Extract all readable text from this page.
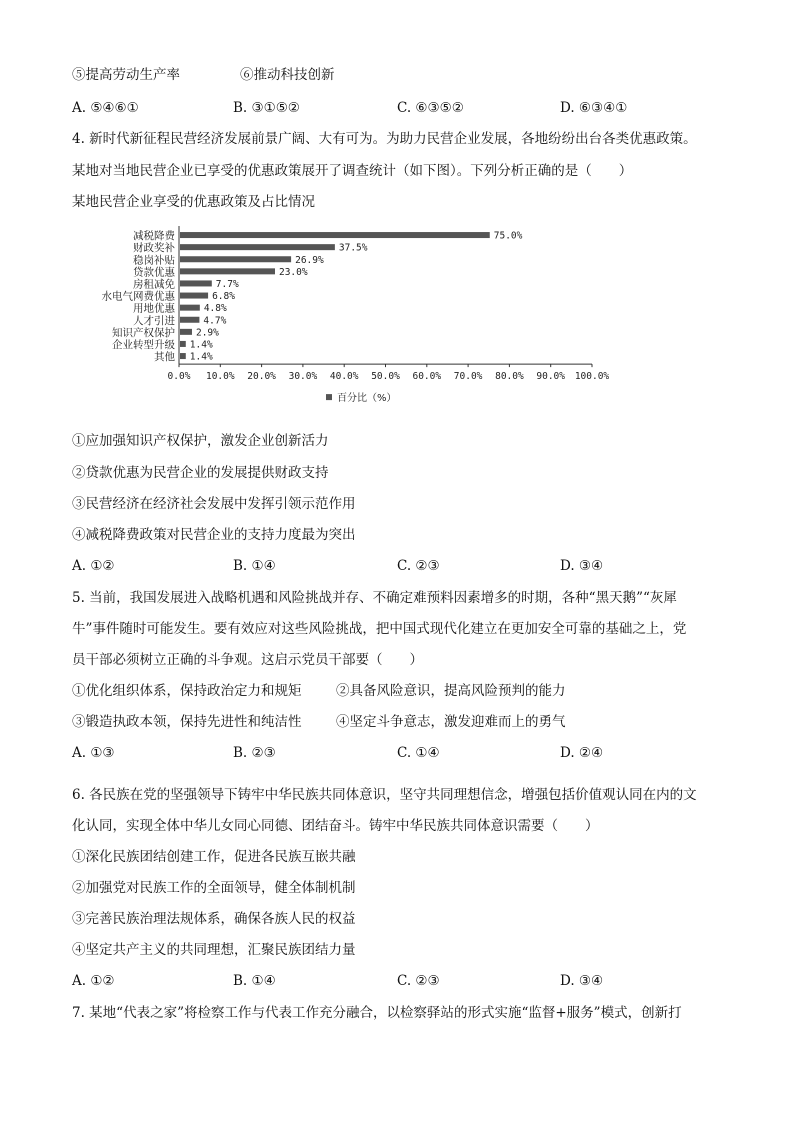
⑤提高劳动生产率	⑥推动科技创新
A. ⑤④⑥①	B. ③①⑤②	C. ⑥③⑤②	D. ⑥③④①
4. 新时代新征程民营经济发展前景广阔、大有可为。为助力民营企业发展，各地纷纷出台各类优惠政策。
某地对当地民营企业已享受的优惠政策展开了调查统计（如下图）。下列分析正确的是（　　）
某地民营企业享受的优惠政策及占比情况
减税降费	75.0%
财政奖补	37.5%
稳岗补贴	26.9%
贷款优惠	23.0%
房租减免	7.7%
水电气网费优惠	6.8%
用地优惠	4.8%
人才引进	4.7%
知识产权保护 2.9%
企业转型升级 1.4%
其他 1.4%
0.0% 10.0% 20.0% 30.0% 40.0% 50.0% 60.0% 70.0% 80.0% 90.0% 100.0%
百分比（%）
①应加强知识产权保护，激发企业创新活力
②贷款优惠为民营企业的发展提供财政支持
③民营经济在经济社会发展中发挥引领示范作用
④减税降费政策对民营企业的支持力度最为突出
A. ①②	B. ①④	C. ②③	D. ③④
5. 当前，我国发展进入战略机遇和风险挑战并存、不确定难预料因素增多的时期，各种“黑天鹅”“灰犀
牛”事件随时可能发生。要有效应对这些风险挑战，把中国式现代化建立在更加安全可靠的基础之上，党
员干部必须树立正确的斗争观。这启示党员干部要（　　）
①优化组织体系，保持政治定力和规矩	②具备风险意识，提高风险预判的能力
③锻造执政本领，保持先进性和纯洁性	④坚定斗争意志，激发迎难而上的勇气
A. ①③	B. ②③	C. ①④	D. ②④
6. 各民族在党的坚强领导下铸牢中华民族共同体意识，坚守共同理想信念，增强包括价值观认同在内的文
化认同，实现全体中华儿女同心同德、团结奋斗。铸牢中华民族共同体意识需要（　　）
①深化民族团结创建工作，促进各民族互嵌共融
②加强党对民族工作的全面领导，健全体制机制
③完善民族治理法规体系，确保各族人民的权益
④坚定共产主义的共同理想，汇聚民族团结力量
A. ①②	B. ①④	C. ②③	D. ③④
7. 某地“代表之家”将检察工作与代表工作充分融合，以检察驿站的形式实施“监督+服务”模式，创新打
